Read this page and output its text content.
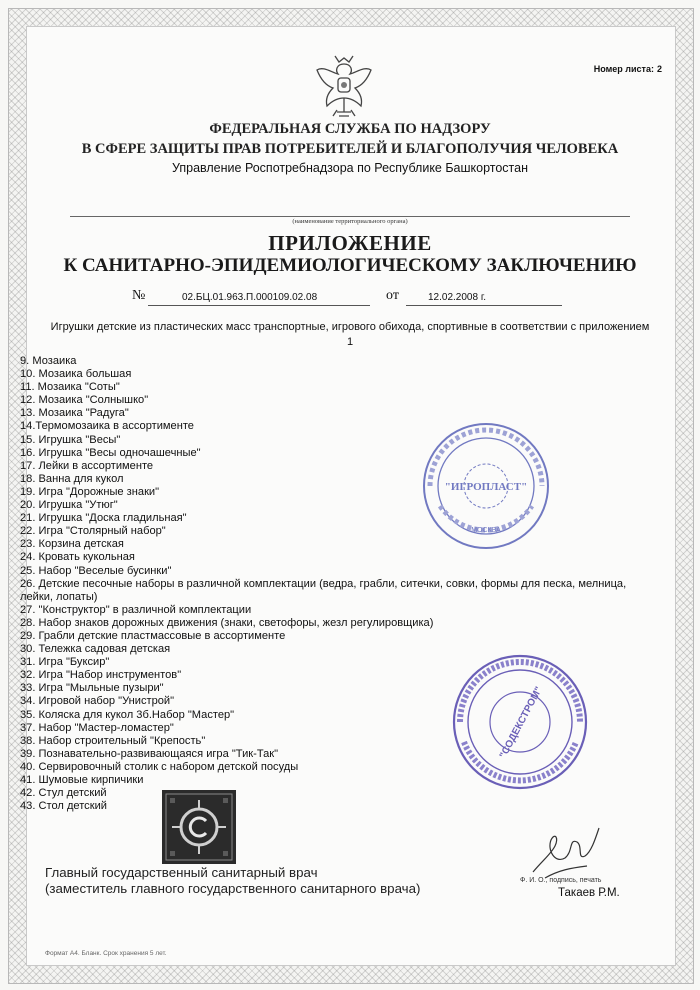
Номер листа: 2
ФЕДЕРАЛЬНАЯ СЛУЖБА ПО НАДЗОРУ
В СФЕРЕ ЗАЩИТЫ ПРАВ ПОТРЕБИТЕЛЕЙ И БЛАГОПОЛУЧИЯ ЧЕЛОВЕКА
Управление Роспотребнадзора по Республике Башкортостан
(наименование территориального органа)
ПРИЛОЖЕНИЕ
К САНИТАРНО-ЭПИДЕМИОЛОГИЧЕСКОМУ ЗАКЛЮЧЕНИЮ
№	02.БЦ.01.963.П.000109.02.08	от	12.02.2008 г.
Игрушки детские из пластических масс транспортные, игрового обихода, спортивные в соответствии с приложением 1
9. Мозаика
10. Мозаика большая
11. Мозаика "Соты"
12. Мозаика "Солнышко"
13. Мозаика "Радуга"
14.Термомозаика в ассортименте
15. Игрушка "Весы"
16. Игрушка "Весы одночашечные"
17. Лейки в ассортименте
18. Ванна для кукол
19. Игра "Дорожные знаки"
20. Игрушка "Утюг"
21. Игрушка "Доска гладильная"
22. Игра "Столярный набор"
23. Корзина детская
24. Кровать кукольная
25. Набор "Веселые бусинки"
26. Детские песочные наборы в различной комплектации (ведра, грабли, ситечки, совки, формы для песка, мелница, лейки, лопаты)
27. "Конструктор" в различной комплектации
28. Набор знаков дорожных движения (знаки, светофоры, жезл регулировщика)
29. Грабли детские пластмассовые в ассортименте
30. Тележка садовая детская
31. Игра "Буксир"
32. Игра "Набор инструментов"
33. Игра "Мыльные пузыри"
34. Игровой набор "Унистрой"
35. Коляска для кукол 3б.Набор "Мастер"
37. Набор "Мастер-ломастер"
38. Набор строительный "Крепость"
39. Познавательно-развивающаяся игра "Тик-Так"
40. Сервировочный столик с набором детской посуды
41. Шумовые кирпичики
42. Стул детский
43. Стол детский
"ИГРОПЛАСТ"
МОСКВА
"СОДЕКСТРОМ"
Главный государственный санитарный врач
(заместитель главного государственного санитарного врача)
Ф. И. О., подпись, печать
Такаев Р.М.
Формат А4. Бланк. Срок хранения 5 лет.
